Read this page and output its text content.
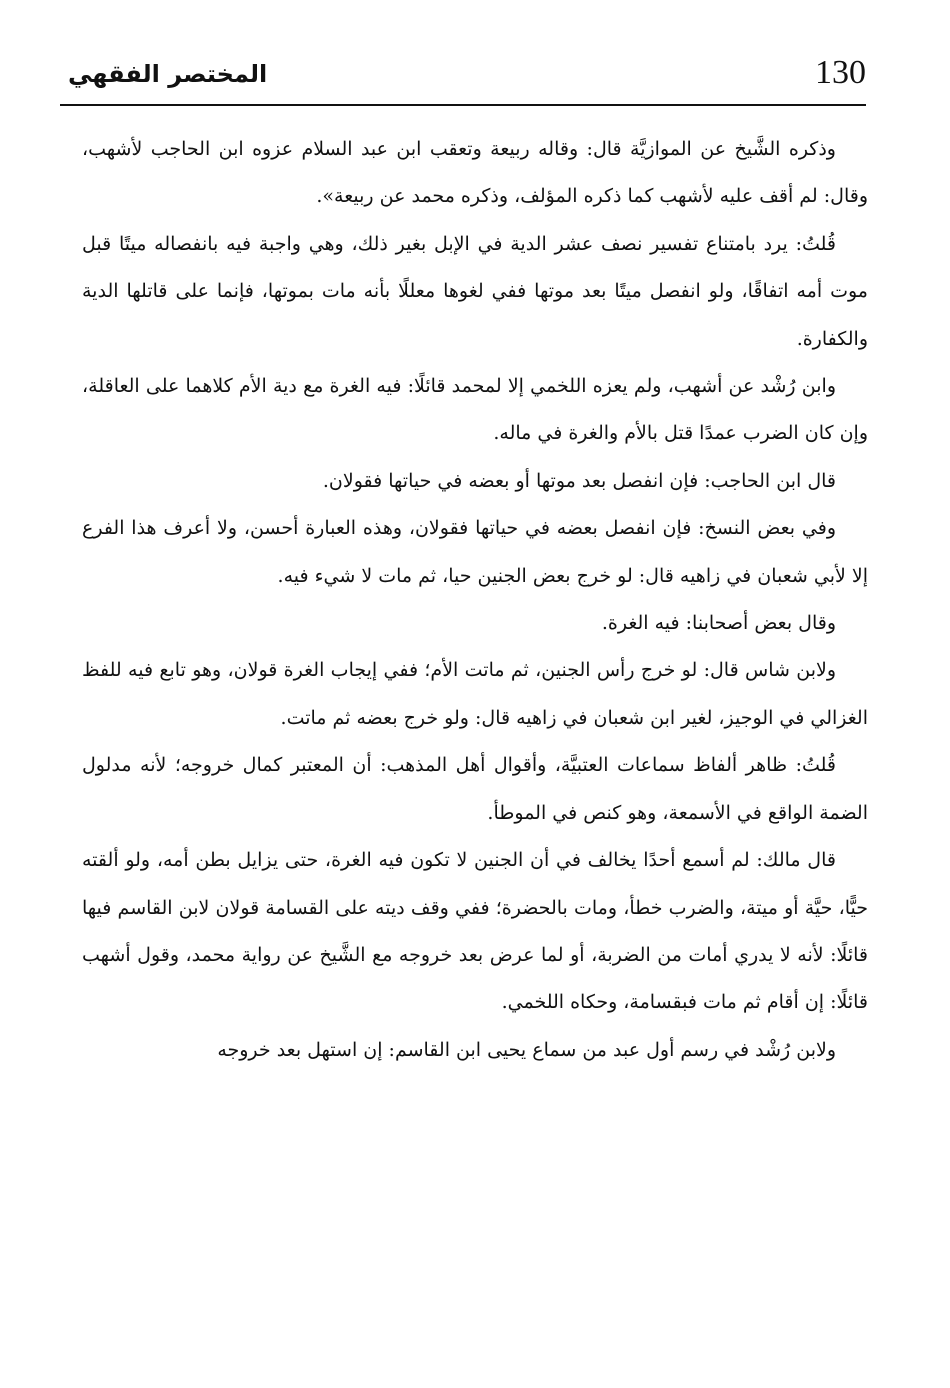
130
المختصر الفقهي

وذكره الشَّيخ عن الموازيَّة قال: وقاله ربيعة وتعقب ابن عبد السلام عزوه ابن الحاجب لأشهب، وقال: لم أقف عليه لأشهب كما ذكره المؤلف، وذكره محمد عن ربيعة».

قُلتُ: يرد بامتناع تفسير نصف عشر الدية في الإبل بغير ذلك، وهي واجبة فيه بانفصاله ميتًا قبل موت أمه اتفاقًا، ولو انفصل ميتًا بعد موتها ففي لغوها معللًا بأنه مات بموتها، فإنما على قاتلها الدية والكفارة.

وابن رُشْد عن أشهب، ولم يعزه اللخمي إلا لمحمد قائلًا: فيه الغرة مع دية الأم كلاهما على العاقلة، وإن كان الضرب عمدًا قتل بالأم والغرة في ماله.

قال ابن الحاجب: فإن انفصل بعد موتها أو بعضه في حياتها فقولان.

وفي بعض النسخ: فإن انفصل بعضه في حياتها فقولان، وهذه العبارة أحسن، ولا أعرف هذا الفرع إلا لأبي شعبان في زاهيه قال: لو خرج بعض الجنين حيا، ثم مات لا شيء فيه.

وقال بعض أصحابنا: فيه الغرة.

ولابن شاس قال: لو خرج رأس الجنين، ثم ماتت الأم؛ ففي إيجاب الغرة قولان، وهو تابع فيه للفظ الغزالي في الوجيز، لغير ابن شعبان في زاهيه قال: ولو خرج بعضه ثم ماتت.

قُلتُ: ظاهر ألفاظ سماعات العتبيَّة، وأقوال أهل المذهب: أن المعتبر كمال خروجه؛ لأنه مدلول الضمة الواقع في الأسمعة، وهو كنص في الموطأ.

قال مالك: لم أسمع أحدًا يخالف في أن الجنين لا تكون فيه الغرة، حتى يزايل بطن أمه، ولو ألقته حيًّا، حيَّة أو ميتة، والضرب خطأ، ومات بالحضرة؛ ففي وقف ديته على القسامة قولان لابن القاسم فيها قائلًا: لأنه لا يدري أمات من الضربة، أو لما عرض بعد خروجه مع الشَّيخ عن رواية محمد، وقول أشهب قائلًا: إن أقام ثم مات فبقسامة، وحكاه اللخمي.

ولابن رُشْد في رسم أول عبد من سماع يحيى ابن القاسم: إن استهل بعد خروجه
